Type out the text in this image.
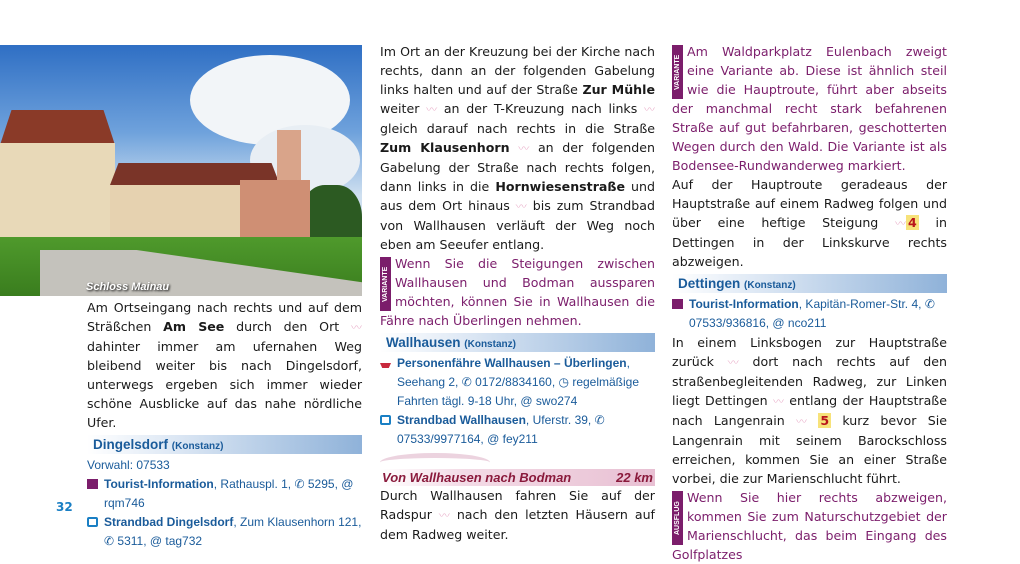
Schloss Mainau

Am Ortseingang nach rechts und auf dem Sträßchen Am See durch den Ort 〰 dahinter immer am ufernahen Weg bleibend weiter bis nach Dingelsdorf, unterwegs ergeben sich immer wieder schöne Ausblicke auf das nahe nördliche Ufer.

Dingelsdorf (Konstanz)
Vorwahl: 07533
Tourist-Information, Rathauspl. 1, ✆ 5295, @ rqm746
Strandbad Dingelsdorf, Zum Klausenhorn 121, ✆ 5311, @ tag732
32

Im Ort an der Kreuzung bei der Kirche nach rechts, dann an der folgenden Gabelung links halten und auf der Straße Zur Mühle weiter 〰 an der T-Kreuzung nach links 〰 gleich darauf nach rechts in die Straße Zum Klausenhorn 〰 an der folgenden Gabelung der Straße nach rechts folgen, dann links in die Hornwiesenstraße und aus dem Ort hinaus 〰 bis zum Strandbad von Wallhausen verläuft der Weg noch eben am Seeufer entlang.

VARIANTE
Wenn Sie die Steigungen zwischen Wallhausen und Bodman aussparen möchten, können Sie in Wallhausen die Fähre nach Überlingen nehmen.

Wallhausen (Konstanz)
Personenfähre Wallhausen – Überlingen, Seehang 2, ✆ 0172/8834160, ◷ regelmäßige Fahrten tägl. 9-18 Uhr, @ swo274
Strandbad Wallhausen, Uferstr. 39, ✆ 07533/9977164, @ fey211
Von Wallhausen nach Bodman	22 km

Durch Wallhausen fahren Sie auf der Radspur 〰 nach den letzten Häusern auf dem Radweg weiter.

VARIANTE
Am Waldparkplatz Eulenbach zweigt eine Variante ab. Diese ist ähnlich steil wie die Hauptroute, führt aber abseits der manchmal recht stark befahrenen Straße auf gut befahrbaren, geschotterten Wegen durch den Wald. Die Variante ist als Bodensee-Rundwanderweg markiert.

Auf der Hauptroute geradeaus der Hauptstraße auf einem Radweg folgen und über eine heftige Steigung 〰 4 in Dettingen in der Linkskurve rechts abzweigen.

Dettingen (Konstanz)
Tourist-Information, Kapitän-Romer-Str. 4, ✆ 07533/936816, @ nco211

In einem Linksbogen zur Hauptstraße zurück 〰 dort nach rechts auf den straßenbegleitenden Radweg, zur Linken liegt Dettingen 〰 entlang der Hauptstraße nach Langenrain 〰 5 kurz bevor Sie Langenrain mit seinem Barockschloss erreichen, kommen Sie an einer Straße vorbei, die zur Marienschlucht führt.

AUSFLUG
Wenn Sie hier rechts abzweigen, kommen Sie zum Naturschutzgebiet der Marienschlucht, das beim Eingang des Golfplatzes
